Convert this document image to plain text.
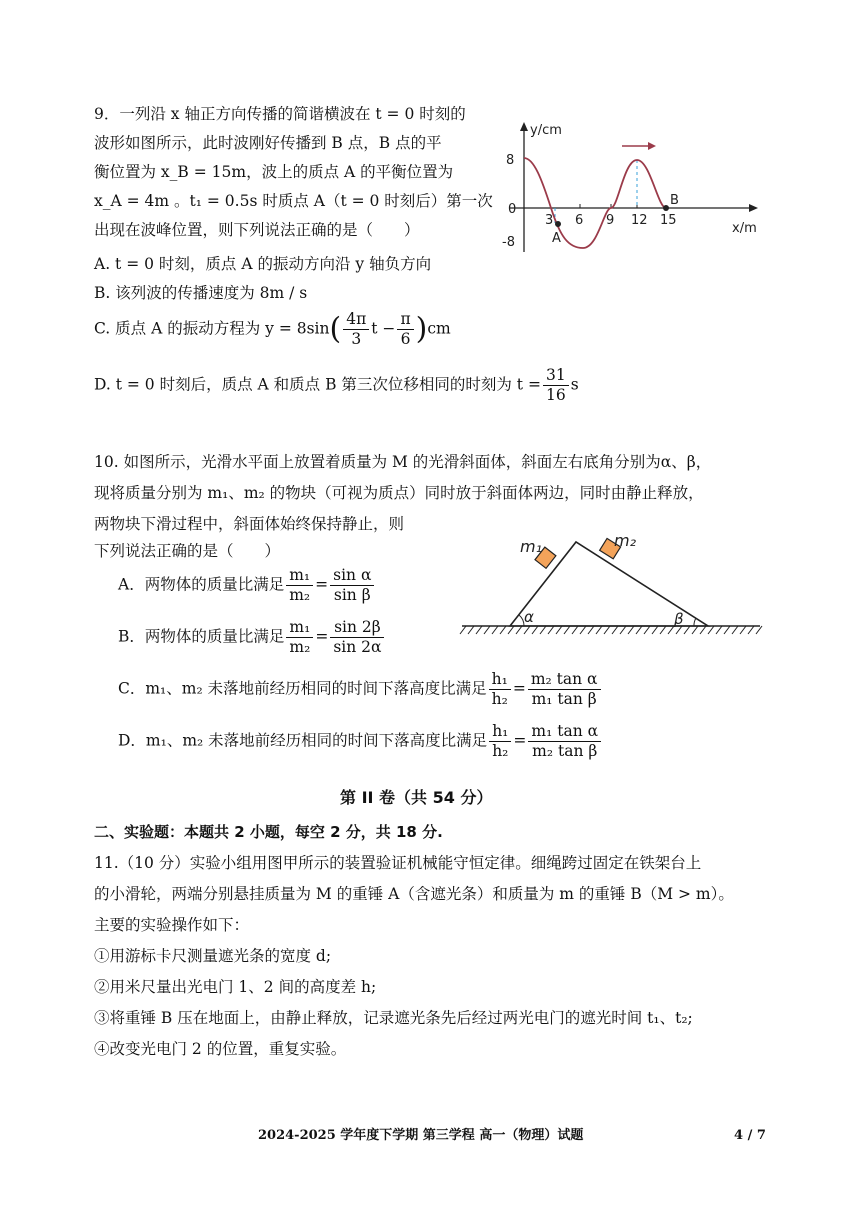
9．一列沿 x 轴正方向传播的简谐横波在 t = 0 时刻的
波形如图所示，此时波刚好传播到 B 点，B 点的平
衡位置为 x_B = 15m，波上的质点 A 的平衡位置为
x_A = 4m 。t₁ = 0.5s 时质点 A（t = 0 时刻后）第一次
出现在波峰位置，则下列说法正确的是（　　）
A. t = 0 时刻，质点 A 的振动方向沿 y 轴负方向
B. 该列波的传播速度为 8m / s
C. 质点 A 的振动方程为 $y = 8\sin( \frac{4\pi}{3}$ $t - \frac{\pi}{6} )cm$
D. t = 0 时刻后，质点 A 和质点 B 第三次位移相同的时刻为 $t = \frac{31}{16}$ s
y/cm
x/m
8
0
-8
3 6 9 12 15
A
B
10. 如图所示，光滑水平面上放置着质量为 M 的光滑斜面体，斜面左右底角分别为α、β，
现将质量分别为 m₁、m₂ 的物块（可视为质点）同时放于斜面体两边，同时由静止释放，
两物块下滑过程中，斜面体始终保持静止，则
下列说法正确的是（　　）
A．两物体的质量比满足 $\frac{\text{m₁}}{\text{m₂}} = \frac{\text{sin α}}{\text{sin β}}$
B．两物体的质量比满足 $\frac{\text{m₁}}{\text{m₂}} = \frac{\sin 2\beta}{\sin 2\alpha}$
C．m₁、m₂ 未落地前经历相同的时间下落高度比满足 $\frac{\text{h₁}}{\text{h₂}} = \frac{\text{m₂ tan α}}{\text{m₁ tan β}}$
D．m₁、m₂ 未落地前经历相同的时间下落高度比满足 $\frac{\text{h₁}}{\text{h₂}} = \frac{\text{m₁ tan α}}{\text{m₂ tan β}}$
α	β
m₁	m₂
第 II 卷（共 54 分）
二、实验题：本题共 2 小题，每空 2 分，共 18 分.
11.（10 分）实验小组用图甲所示的装置验证机械能守恒定律。细绳跨过固定在铁架台上
的小滑轮，两端分别悬挂质量为 M 的重锤 A（含遮光条）和质量为 m 的重锤 B（M > m）。
主要的实验操作如下：
①用游标卡尺测量遮光条的宽度 d;
②用米尺量出光电门 1、2 间的高度差 h;
③将重锤 B 压在地面上，由静止释放，记录遮光条先后经过两光电门的遮光时间 t₁、t₂;
④改变光电门 2 的位置，重复实验。
2024-2025 学年度下学期 第三学程 高一（物理）试题	4 / 7
